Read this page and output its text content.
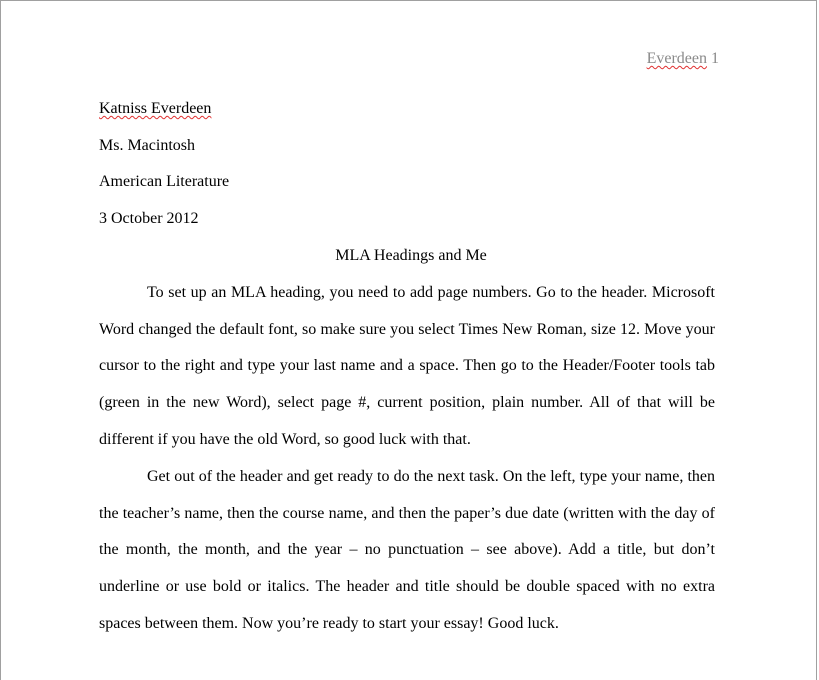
Everdeen 1
Katniss Everdeen
Ms. Macintosh
American Literature
3 October 2012
MLA Headings and Me
To set up an MLA heading, you need to add page numbers. Go to the header. Microsoft
Word changed the default font, so make sure you select Times New Roman, size 12. Move your
cursor to the right and type your last name and a space. Then go to the Header/Footer tools tab
(green in the new Word), select page #, current position, plain number. All of that will be
different if you have the old Word, so good luck with that.
Get out of the header and get ready to do the next task. On the left, type your name, then
the teacher’s name, then the course name, and then the paper’s due date (written with the day of
the month, the month, and the year – no punctuation – see above). Add a title, but don’t
underline or use bold or italics. The header and title should be double spaced with no extra
spaces between them. Now you’re ready to start your essay! Good luck.
